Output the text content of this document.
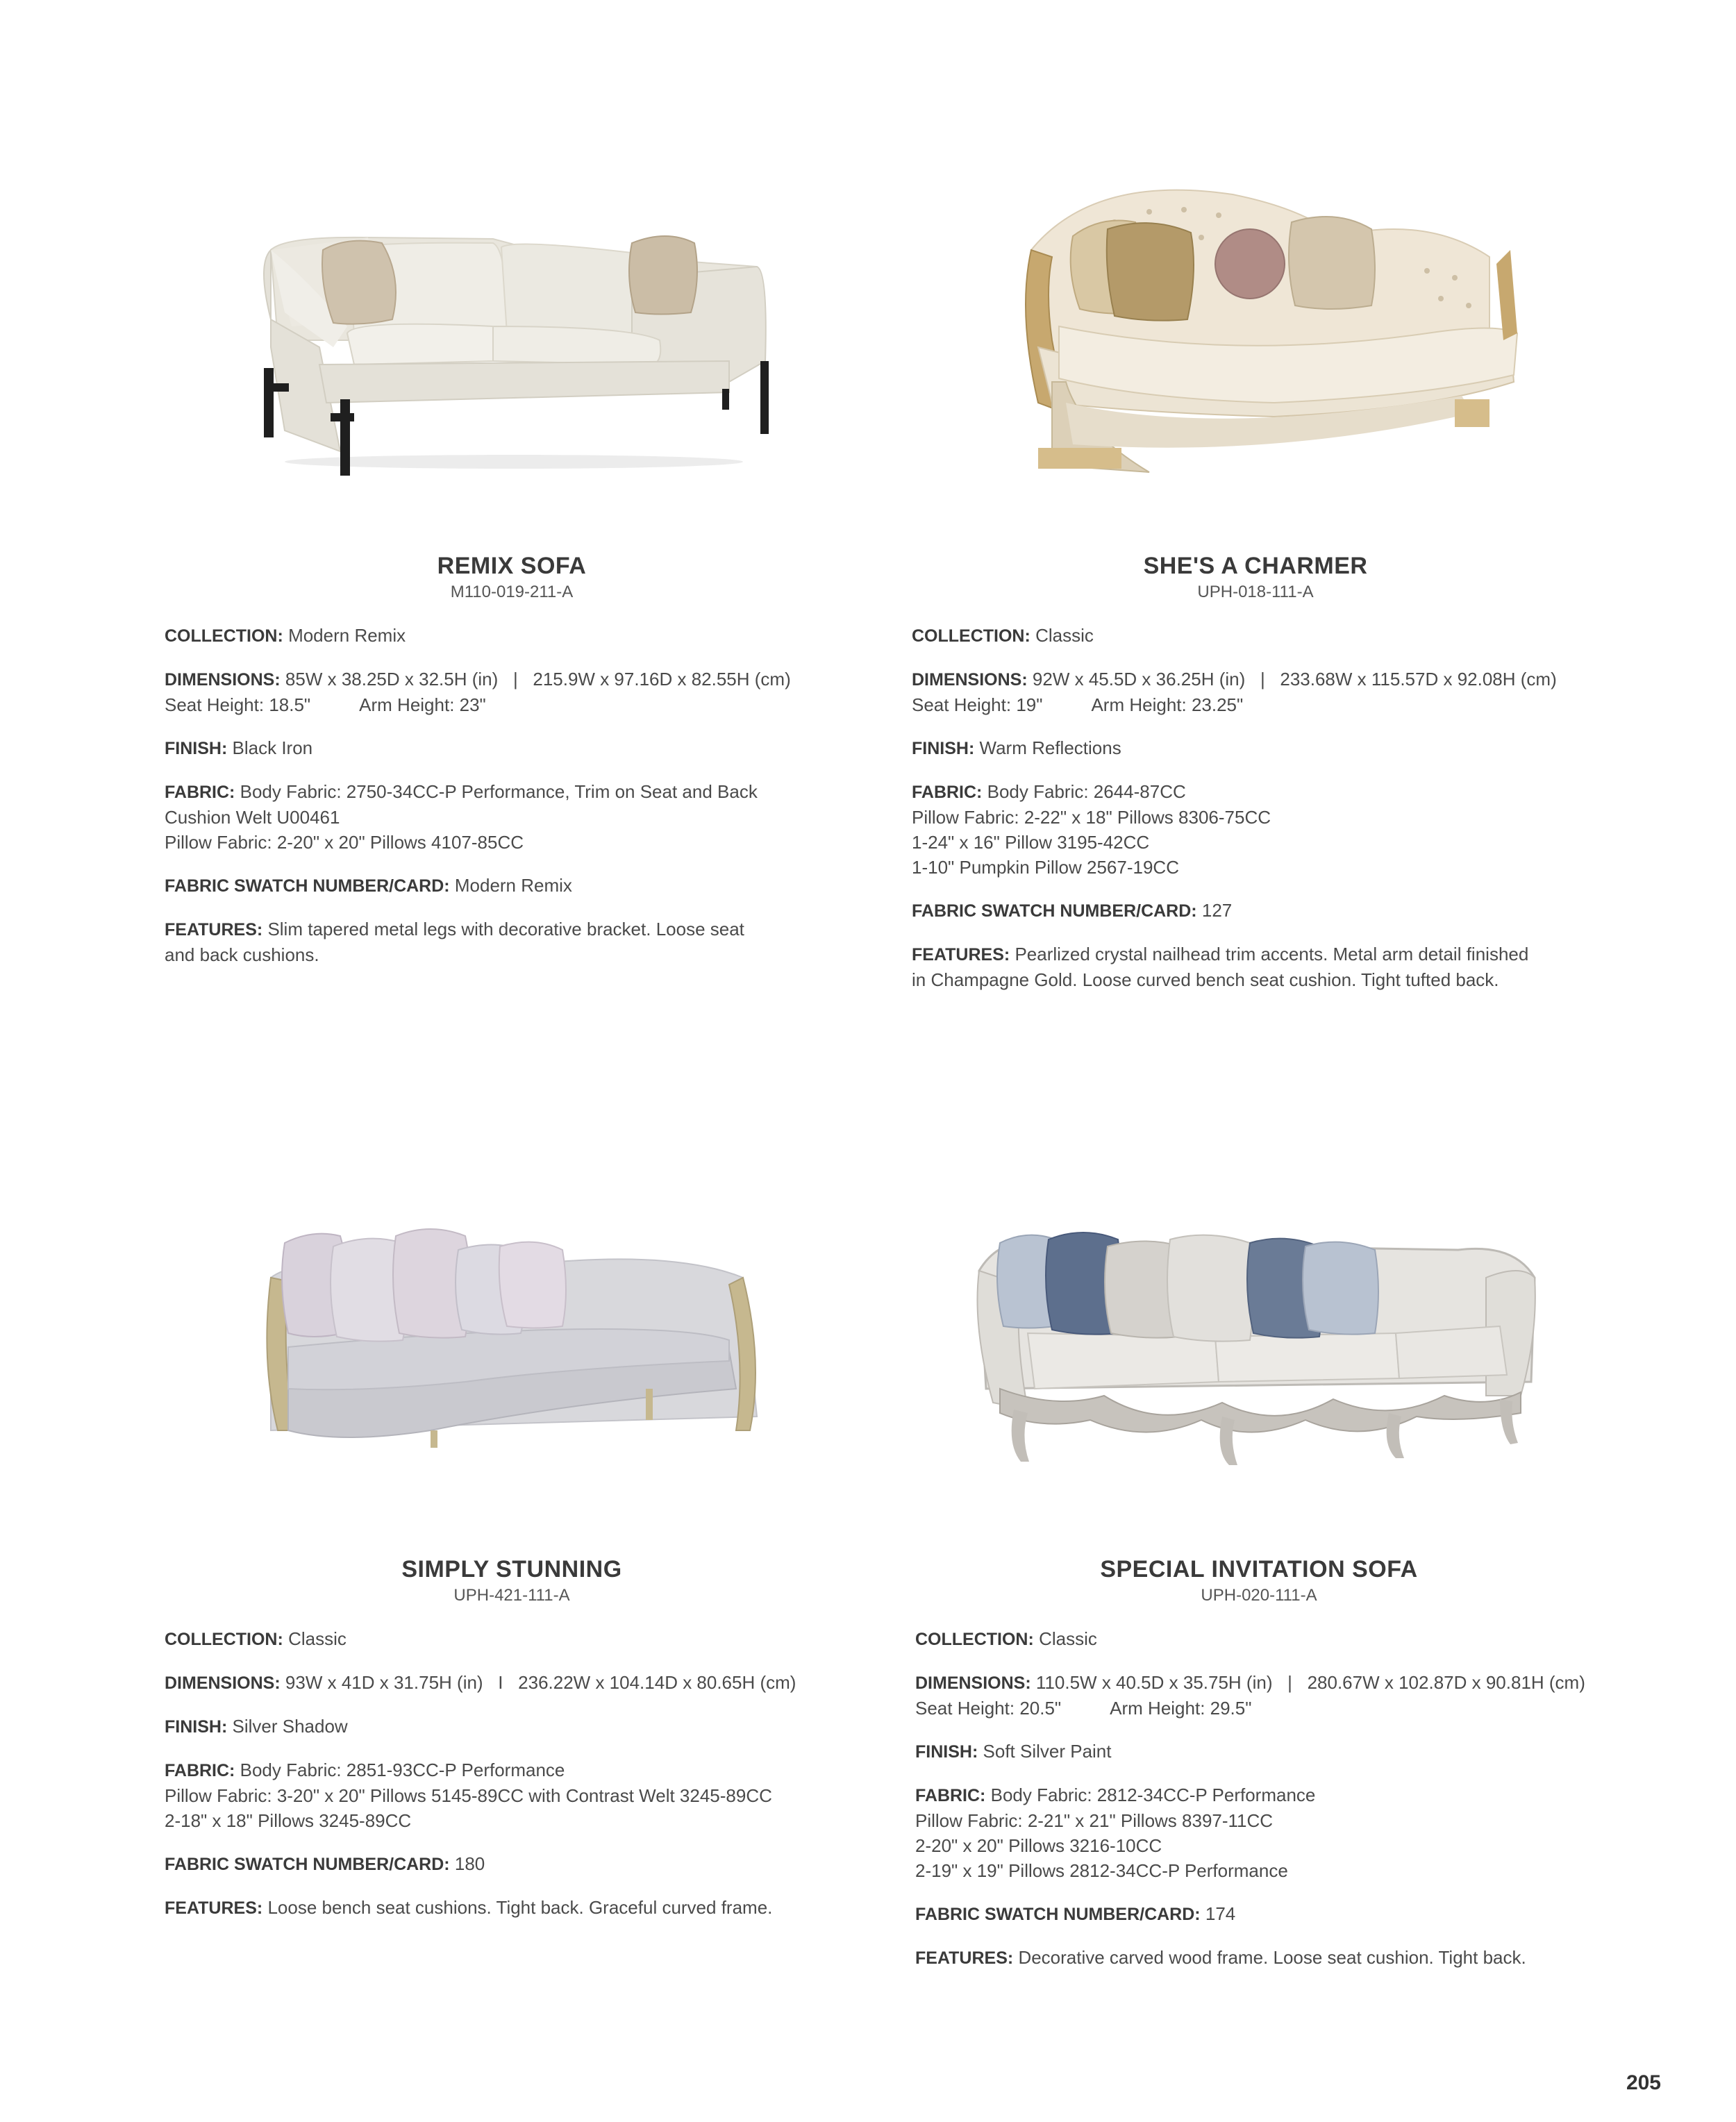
REMIX SOFA
M110-019-211-A
COLLECTION: Modern Remix
DIMENSIONS: 85W x 38.25D x 32.5H (in)   |   215.9W x 97.16D x 82.55H (cm)
Seat Height: 18.5"	Arm Height: 23"
FINISH: Black Iron
FABRIC: Body Fabric: 2750-34CC-P Performance, Trim on Seat and Back
Cushion Welt U00461
Pillow Fabric: 2-20" x 20" Pillows 4107-85CC
FABRIC SWATCH NUMBER/CARD: Modern Remix
FEATURES: Slim tapered metal legs with decorative bracket. Loose seat
and back cushions.
SHE'S A CHARMER
UPH-018-111-A
COLLECTION: Classic
DIMENSIONS: 92W x 45.5D x 36.25H (in)   |   233.68W x 115.57D x 92.08H (cm)
Seat Height: 19"	Arm Height: 23.25"
FINISH: Warm Reflections
FABRIC: Body Fabric: 2644-87CC
Pillow Fabric: 2-22" x 18" Pillows 8306-75CC
1-24" x 16" Pillow 3195-42CC
1-10" Pumpkin Pillow 2567-19CC
FABRIC SWATCH NUMBER/CARD: 127
FEATURES: Pearlized crystal nailhead trim accents. Metal arm detail finished
in Champagne Gold. Loose curved bench seat cushion. Tight tufted back.
SIMPLY STUNNING
UPH-421-111-A
COLLECTION: Classic
DIMENSIONS: 93W x 41D x 31.75H (in)   I   236.22W x 104.14D x 80.65H (cm)
FINISH: Silver Shadow
FABRIC: Body Fabric: 2851-93CC-P Performance
Pillow Fabric: 3-20" x 20" Pillows 5145-89CC with Contrast Welt 3245-89CC
2-18" x 18" Pillows 3245-89CC
FABRIC SWATCH NUMBER/CARD: 180
FEATURES: Loose bench seat cushions. Tight back. Graceful curved frame.
SPECIAL INVITATION SOFA
UPH-020-111-A
COLLECTION: Classic
DIMENSIONS: 110.5W x 40.5D x 35.75H (in)   |   280.67W x 102.87D x 90.81H (cm)
Seat Height: 20.5"	Arm Height: 29.5"
FINISH: Soft Silver Paint
FABRIC: Body Fabric: 2812-34CC-P Performance
Pillow Fabric: 2-21" x 21" Pillows 8397-11CC
2-20" x 20" Pillows 3216-10CC
2-19" x 19" Pillows 2812-34CC-P Performance
FABRIC SWATCH NUMBER/CARD: 174
FEATURES: Decorative carved wood frame. Loose seat cushion. Tight back.
205
